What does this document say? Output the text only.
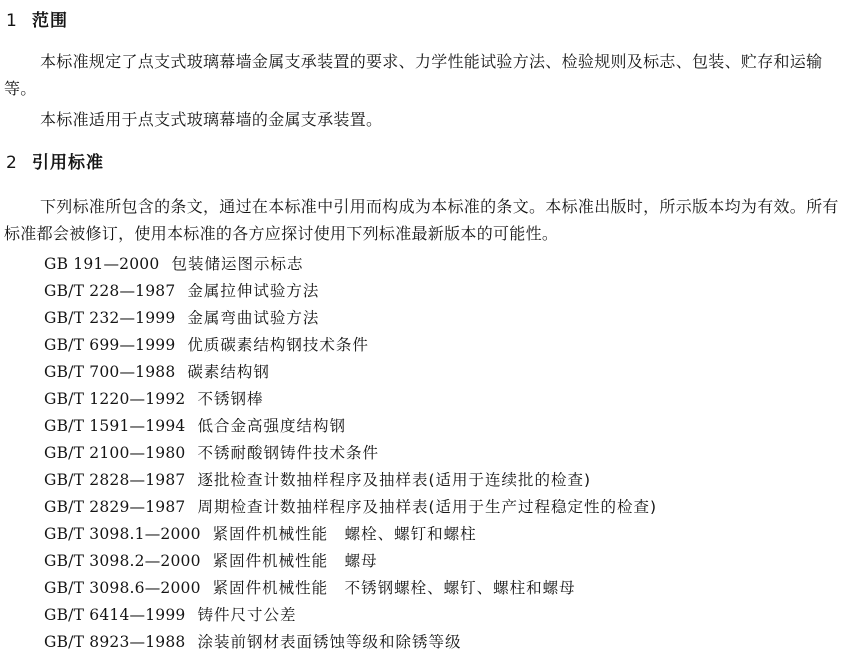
1 范围

本标准规定了点支式玻璃幕墙金属支承装置的要求、力学性能试验方法、检验规则及标志、包装、贮存和运输等。

本标准适用于点支式玻璃幕墙的金属支承装置。

2 引用标准

下列标准所包含的条文，通过在本标准中引用而构成为本标准的条文。本标准出版时，所示版本均为有效。所有标准都会被修订，使用本标准的各方应探讨使用下列标准最新版本的可能性。

GB 191—2000 包装储运图示标志
GB/T 228—1987 金属拉伸试验方法
GB/T 232—1999 金属弯曲试验方法
GB/T 699—1999 优质碳素结构钢技术条件
GB/T 700—1988 碳素结构钢
GB/T 1220—1992 不锈钢棒
GB/T 1591—1994 低合金高强度结构钢
GB/T 2100—1980 不锈耐酸钢铸件技术条件
GB/T 2828—1987 逐批检查计数抽样程序及抽样表(适用于连续批的检查)
GB/T 2829—1987 周期检查计数抽样程序及抽样表(适用于生产过程稳定性的检查)
GB/T 3098.1—2000 紧固件机械性能　螺栓、螺钉和螺柱
GB/T 3098.2—2000 紧固件机械性能　螺母
GB/T 3098.6—2000 紧固件机械性能　不锈钢螺栓、螺钉、螺柱和螺母
GB/T 6414—1999 铸件尺寸公差
GB/T 8923—1988 涂装前钢材表面锈蚀等级和除锈等级
